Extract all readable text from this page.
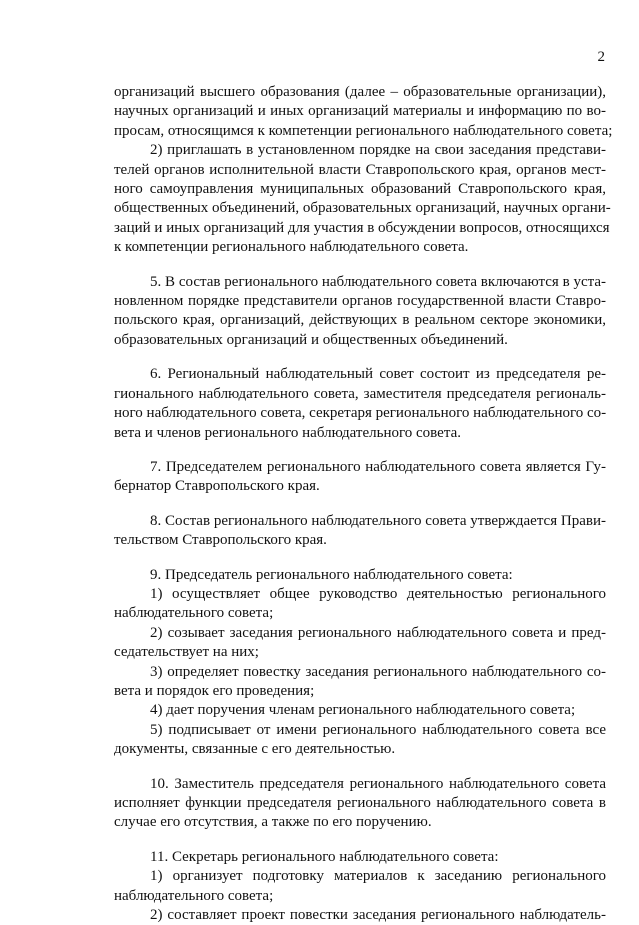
2
организаций высшего образования (далее – образовательные организации),
научных организаций и иных организаций материалы и информацию по во-
просам, относящимся к компетенции регионального наблюдательного совета;
2) приглашать в установленном порядке на свои заседания представи-
телей органов исполнительной власти Ставропольского края, органов мест-
ного самоуправления муниципальных образований Ставропольского края,
общественных объединений, образовательных организаций, научных органи-
заций и иных организаций для участия в обсуждении вопросов, относящихся
к компетенции регионального наблюдательного совета.
5. В состав регионального наблюдательного совета включаются в уста-
новленном порядке представители органов государственной власти Ставро-
польского края, организаций, действующих в реальном секторе экономики,
образовательных организаций и общественных объединений.
6. Региональный наблюдательный совет состоит из председателя ре-
гионального наблюдательного совета, заместителя председателя региональ-
ного наблюдательного совета, секретаря регионального наблюдательного со-
вета и членов регионального наблюдательного совета.
7. Председателем регионального наблюдательного совета является Гу-
бернатор Ставропольского края.
8. Состав регионального наблюдательного совета утверждается Прави-
тельством Ставропольского края.
9. Председатель регионального наблюдательного совета:
1) осуществляет общее руководство деятельностью регионального
наблюдательного совета;
2) созывает заседания регионального наблюдательного совета и пред-
седательствует на них;
3) определяет повестку заседания регионального наблюдательного со-
вета и порядок его проведения;
4) дает поручения членам регионального наблюдательного совета;
5) подписывает от имени регионального наблюдательного совета все
документы, связанные с его деятельностью.
10. Заместитель председателя регионального наблюдательного совета
исполняет функции председателя регионального наблюдательного совета в
случае его отсутствия, а также по его поручению.
11. Секретарь регионального наблюдательного совета:
1) организует подготовку материалов к заседанию регионального
наблюдательного совета;
2) составляет проект повестки заседания регионального наблюдатель-
